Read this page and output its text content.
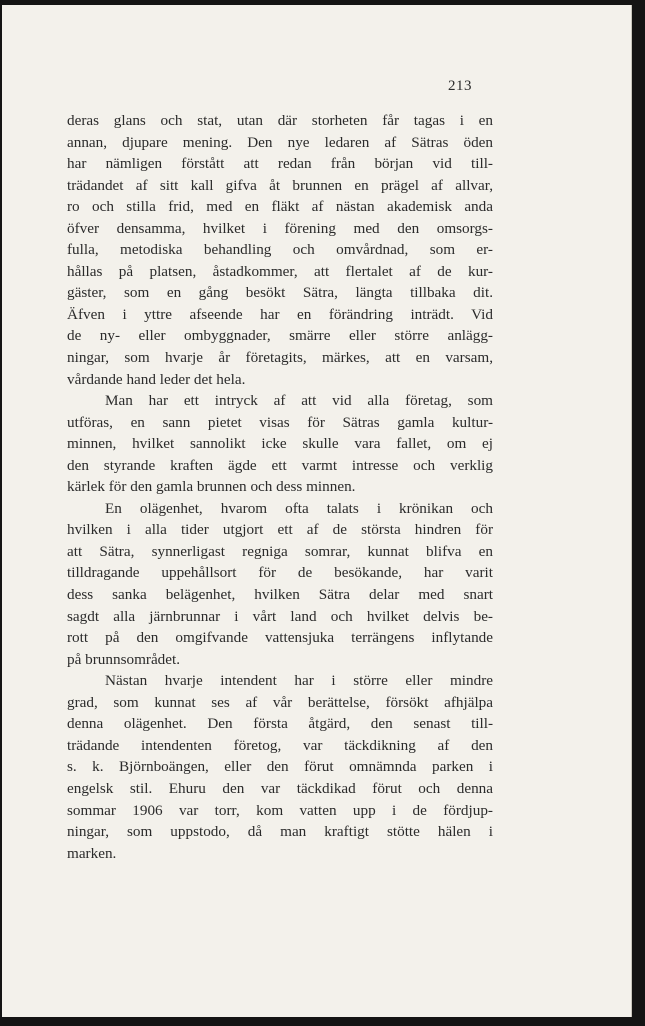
213
deras glans och stat, utan där storheten får tagas i en
annan, djupare mening. Den nye ledaren af Sätras öden
har nämligen förstått att redan från början vid till-
trädandet af sitt kall gifva åt brunnen en prägel af allvar,
ro och stilla frid, med en fläkt af nästan akademisk anda
öfver densamma, hvilket i förening med den omsorgs-
fulla, metodiska behandling och omvårdnad, som er-
hållas på platsen, åstadkommer, att flertalet af de kur-
gäster, som en gång besökt Sätra, längta tillbaka dit.
Äfven i yttre afseende har en förändring inträdt. Vid
de ny- eller ombyggnader, smärre eller större anlägg-
ningar, som hvarje år företagits, märkes, att en varsam,
vårdande hand leder det hela.
Man har ett intryck af att vid alla företag, som
utföras, en sann pietet visas för Sätras gamla kultur-
minnen, hvilket sannolikt icke skulle vara fallet, om ej
den styrande kraften ägde ett varmt intresse och verklig
kärlek för den gamla brunnen och dess minnen.
En olägenhet, hvarom ofta talats i krönikan och
hvilken i alla tider utgjort ett af de största hindren för
att Sätra, synnerligast regniga somrar, kunnat blifva en
tilldragande uppehållsort för de besökande, har varit
dess sanka belägenhet, hvilken Sätra delar med snart
sagdt alla järnbrunnar i vårt land och hvilket delvis be-
rott på den omgifvande vattensjuka terrängens inflytande
på brunnsområdet.
Nästan hvarje intendent har i större eller mindre
grad, som kunnat ses af vår berättelse, försökt afhjälpa
denna olägenhet. Den första åtgärd, den senast till-
trädande intendenten företog, var täckdikning af den
s. k. Björnboängen, eller den förut omnämnda parken i
engelsk stil. Ehuru den var täckdikad förut och denna
sommar 1906 var torr, kom vatten upp i de fördjup-
ningar, som uppstodo, då man kraftigt stötte hälen i
marken.
